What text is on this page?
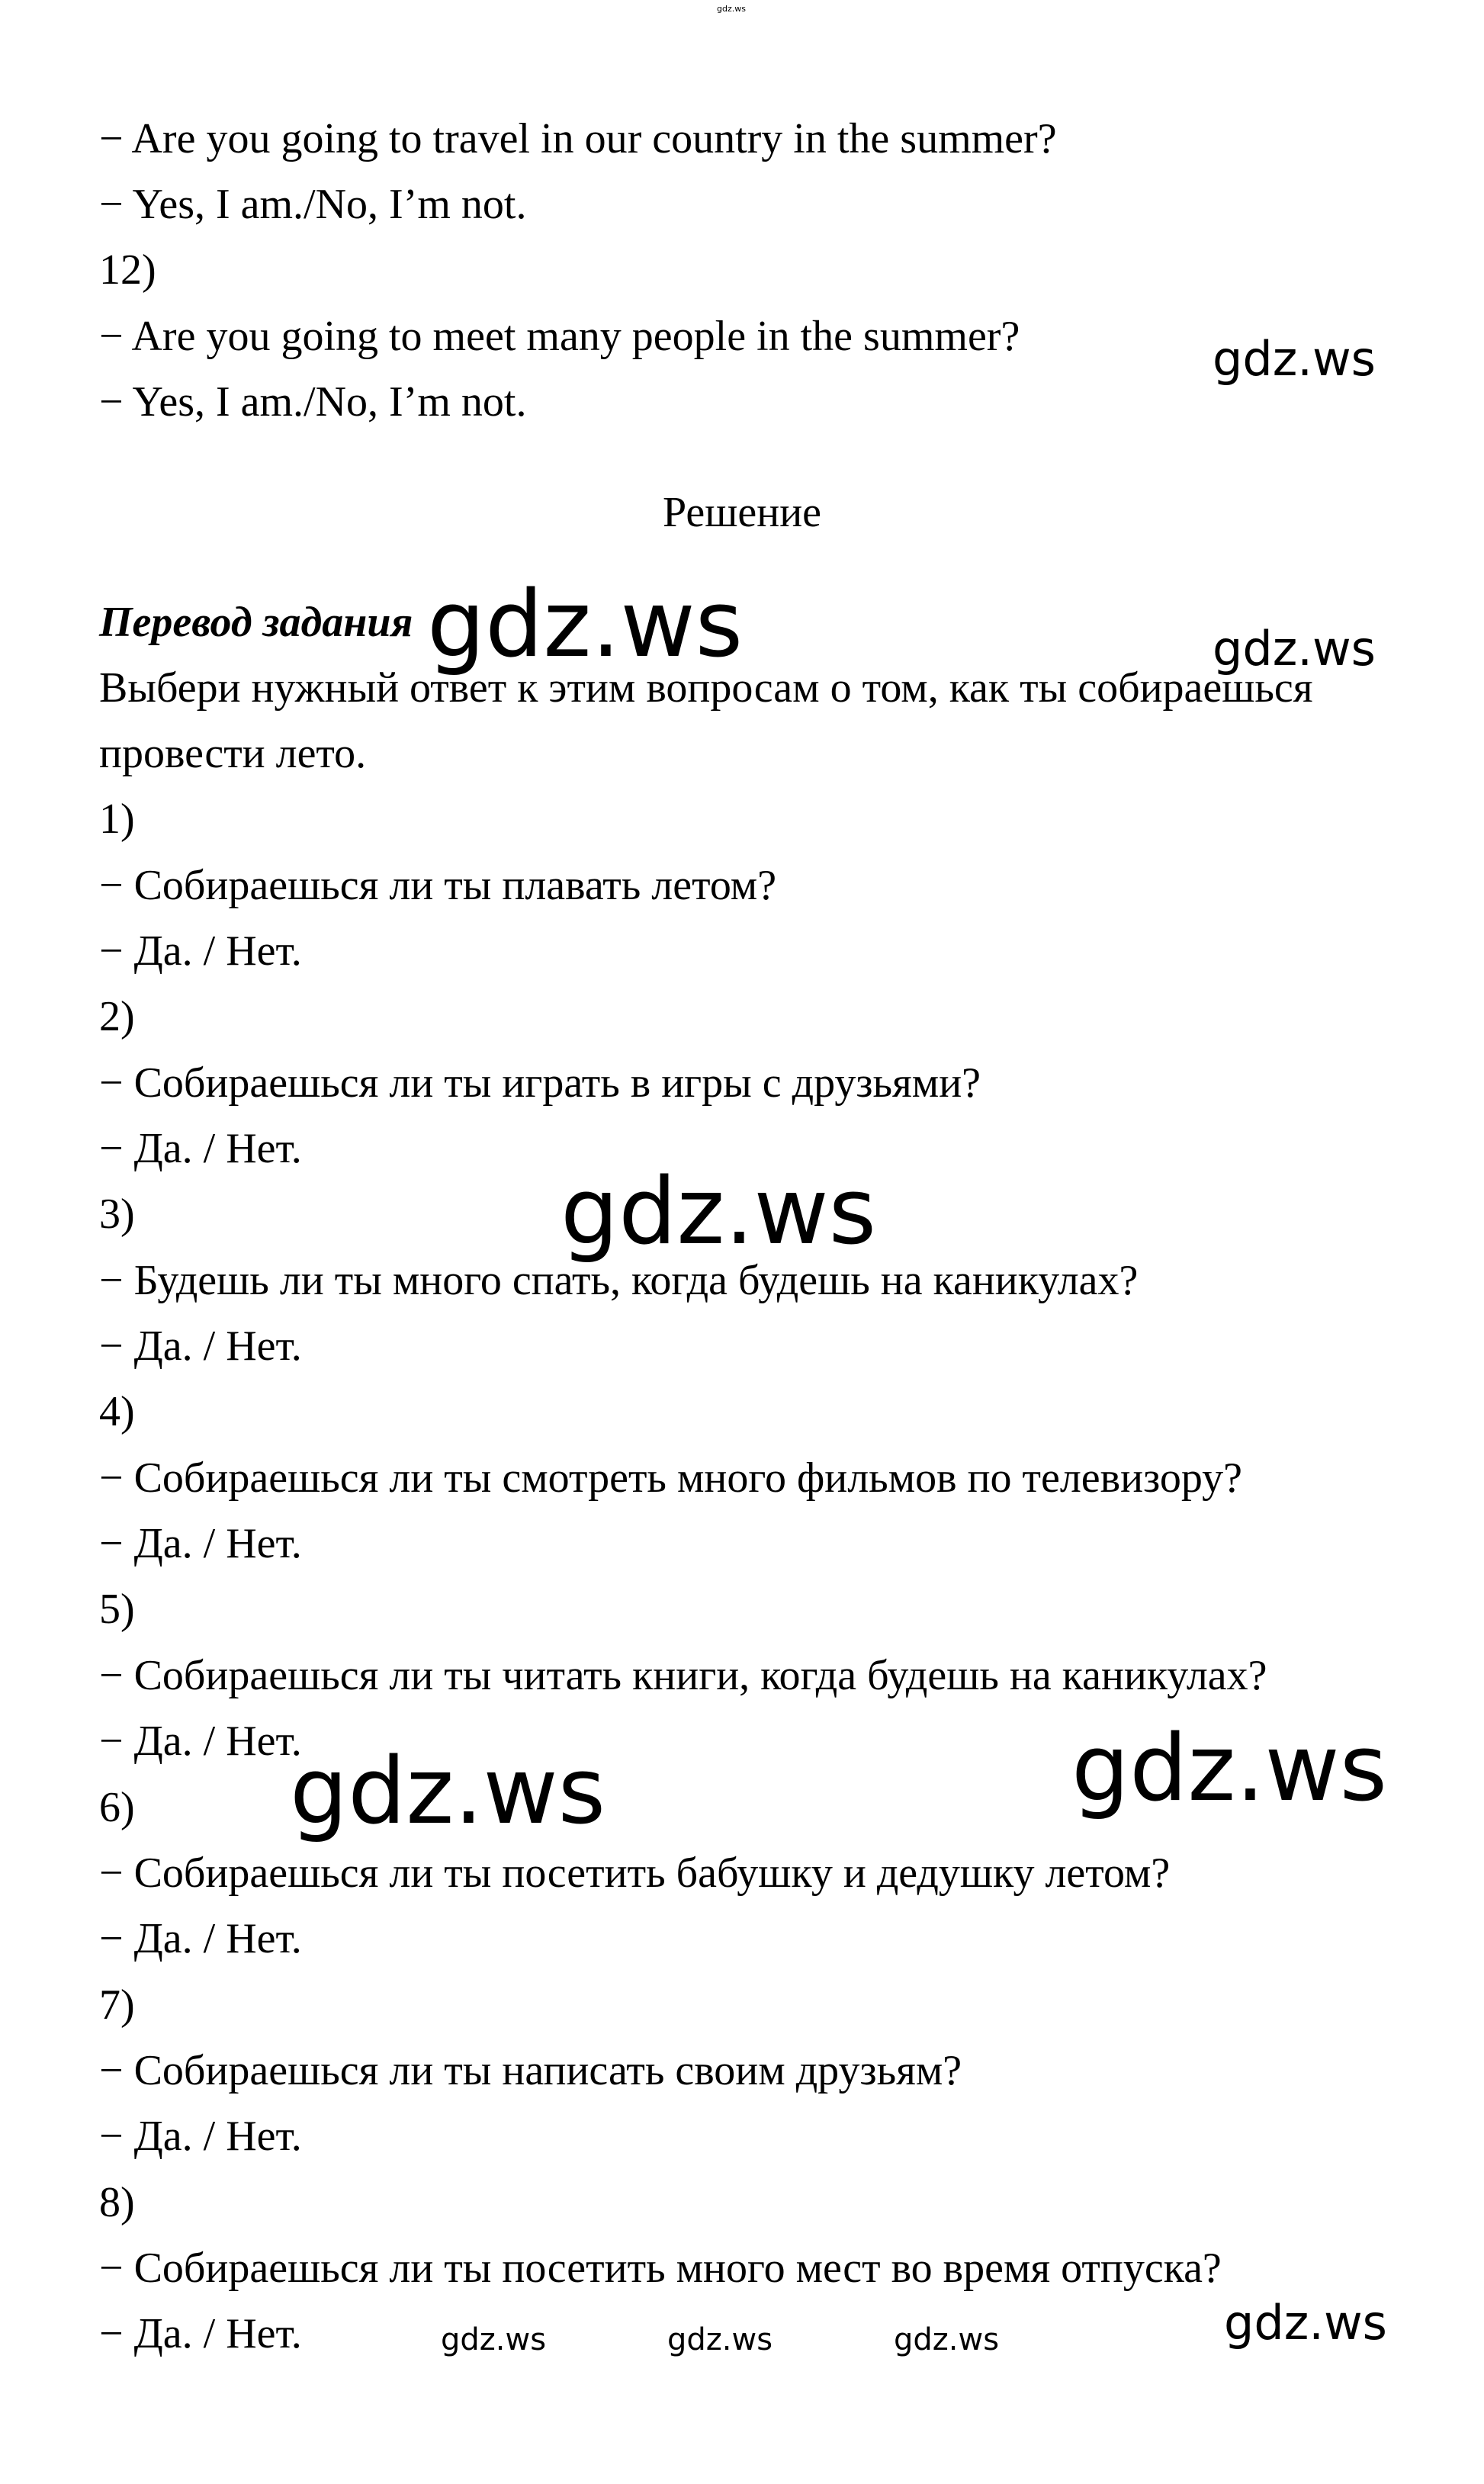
gdz.ws
− Are you going to travel in our country in the summer?
− Yes, I am./No, I’m not.
12)
− Are you going to meet many people in the summer?
− Yes, I am./No, I’m not.
gdz.ws
Решение
Перевод задания gdz.ws	gdz.ws
Выбери нужный ответ к этим вопросам о том, как ты собираешься
провести лето.
1)
− Собираешься ли ты плавать летом?
− Да. / Нет.
2)
− Собираешься ли ты играть в игры с друзьями?
− Да. / Нет.
gdz.ws
3)
− Будешь ли ты много спать, когда будешь на каникулах?
− Да. / Нет.
4)
− Собираешься ли ты смотреть много фильмов по телевизору?
− Да. / Нет.
5)
− Собираешься ли ты читать книги, когда будешь на каникулах?
− Да. / Нет.
gdz.ws	gdz.ws
6)
− Собираешься ли ты посетить бабушку и дедушку летом?
− Да. / Нет.
7)
− Собираешься ли ты написать своим друзьям?
− Да. / Нет.
8)
− Собираешься ли ты посетить много мест во время отпуска?
− Да. / Нет.	gdz.ws	gdz.ws	gdz.ws	gdz.ws
